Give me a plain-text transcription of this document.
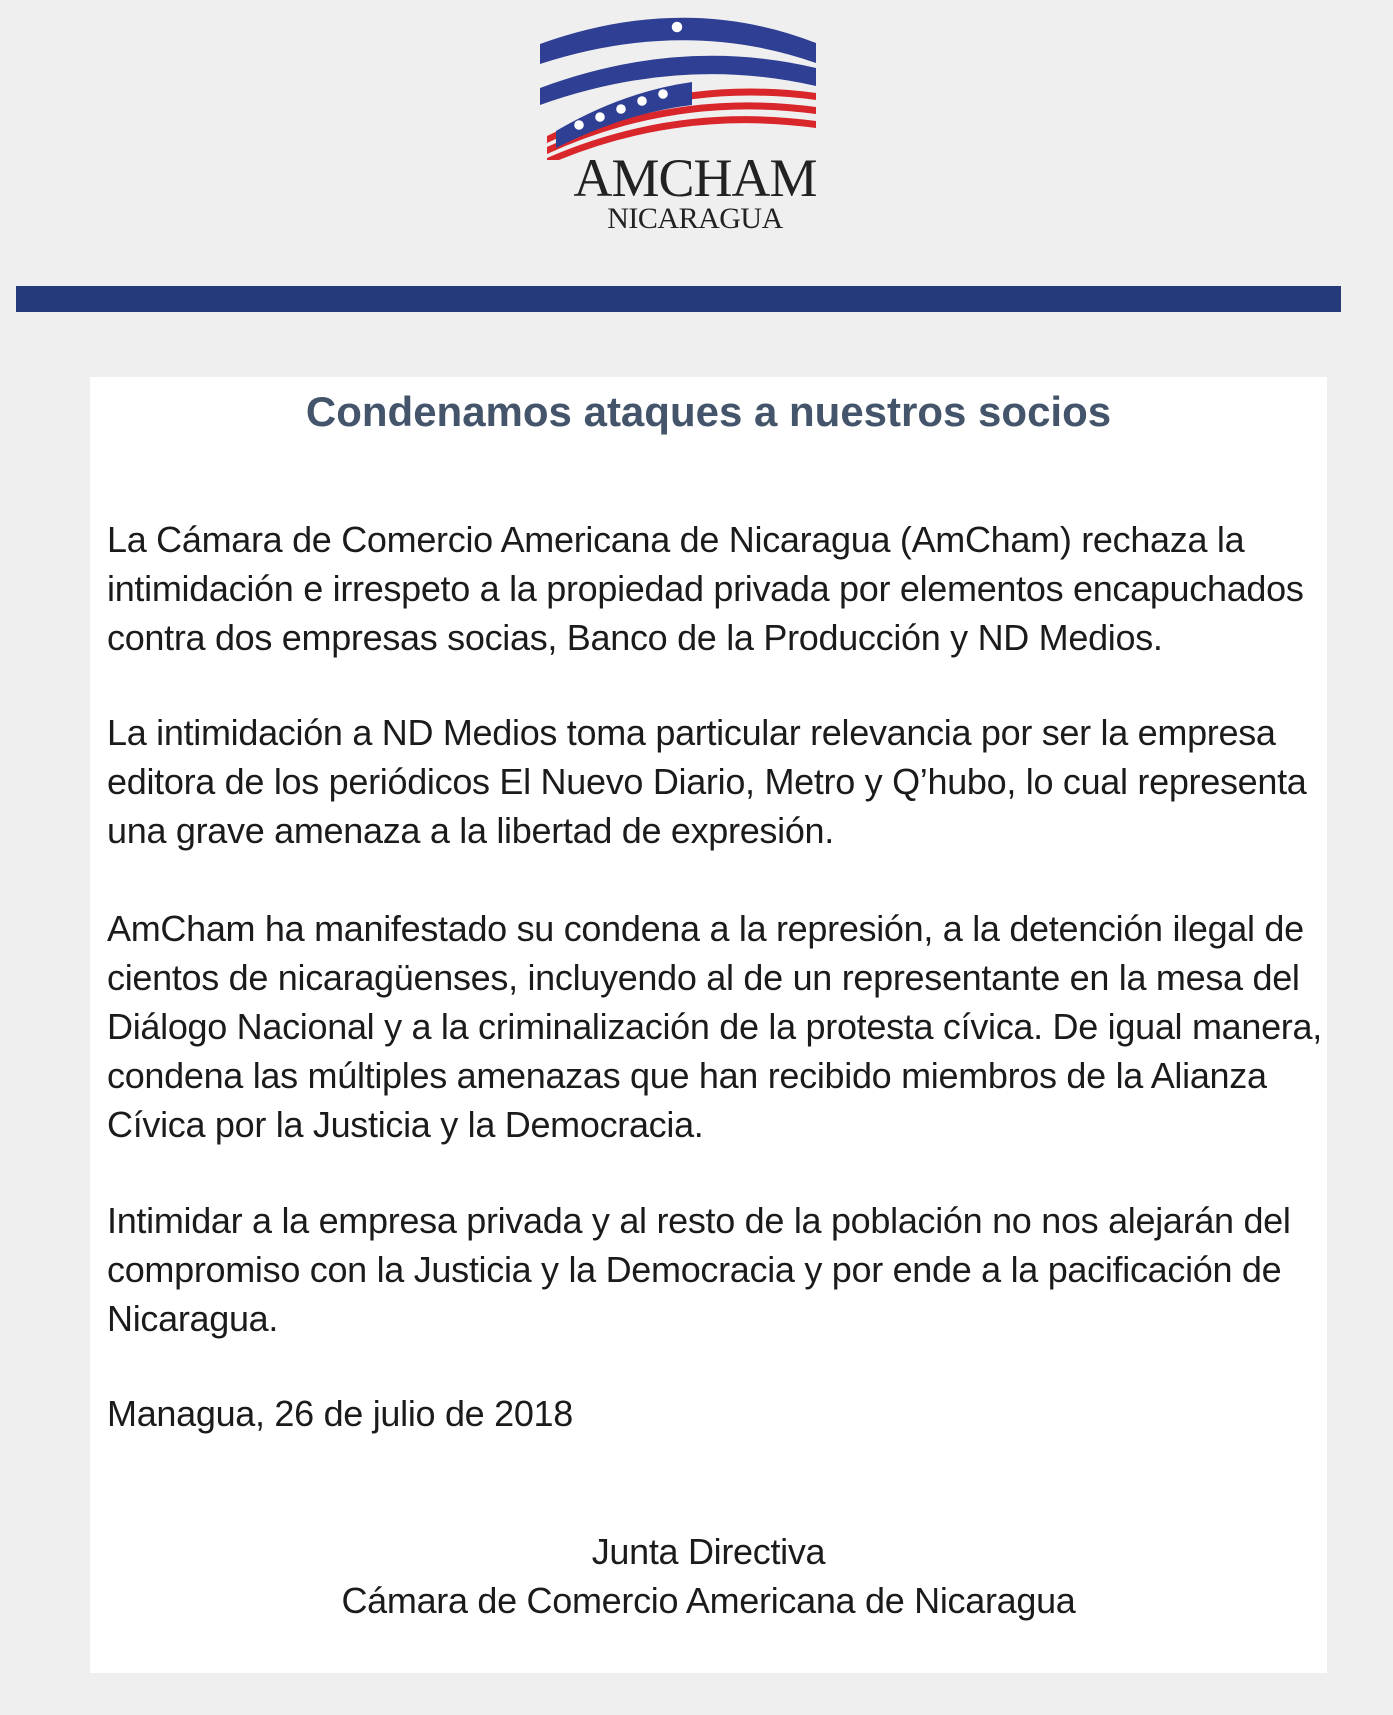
AMCHAM
NICARAGUA
Condenamos ataques a nuestros socios
La Cámara de Comercio Americana de Nicaragua (AmCham) rechaza la intimidación e irrespeto a la propiedad privada por elementos encapuchados contra dos empresas socias, Banco de la Producción y ND Medios.
La intimidación a ND Medios toma particular relevancia por ser la empresa editora de los periódicos El Nuevo Diario, Metro y Q’hubo, lo cual representa una grave amenaza a la libertad de expresión.
AmCham ha manifestado su condena a la represión, a la detención ilegal de cientos de nicaragüenses, incluyendo al de un representante en la mesa del Diálogo Nacional y a la criminalización de la protesta cívica. De igual manera, condena las múltiples amenazas que han recibido miembros de la Alianza Cívica por la Justicia y la Democracia.
Intimidar a la empresa privada y al resto de la población no nos alejarán del compromiso con la Justicia y la Democracia y por ende a la pacificación de Nicaragua.
Managua, 26 de julio de 2018
Junta Directiva
Cámara de Comercio Americana de Nicaragua
